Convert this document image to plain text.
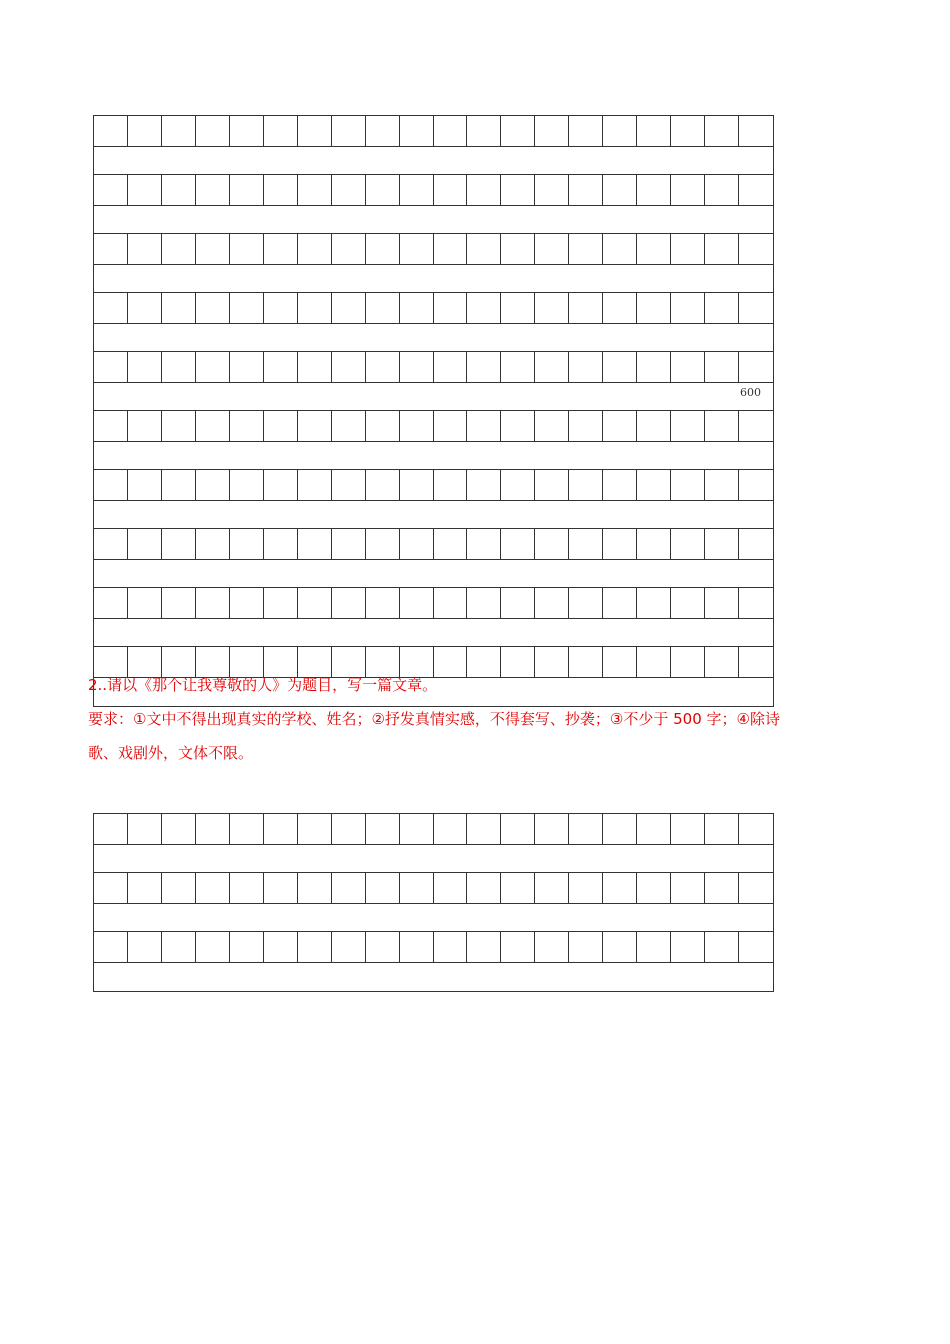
600
2..请以《那个让我尊敬的人》为题目，写一篇文章。
要求：①文中不得出现真实的学校、姓名；②抒发真情实感，不得套写、抄袭；③不少于 500 字；④除诗
歌、戏剧外，文体不限。
